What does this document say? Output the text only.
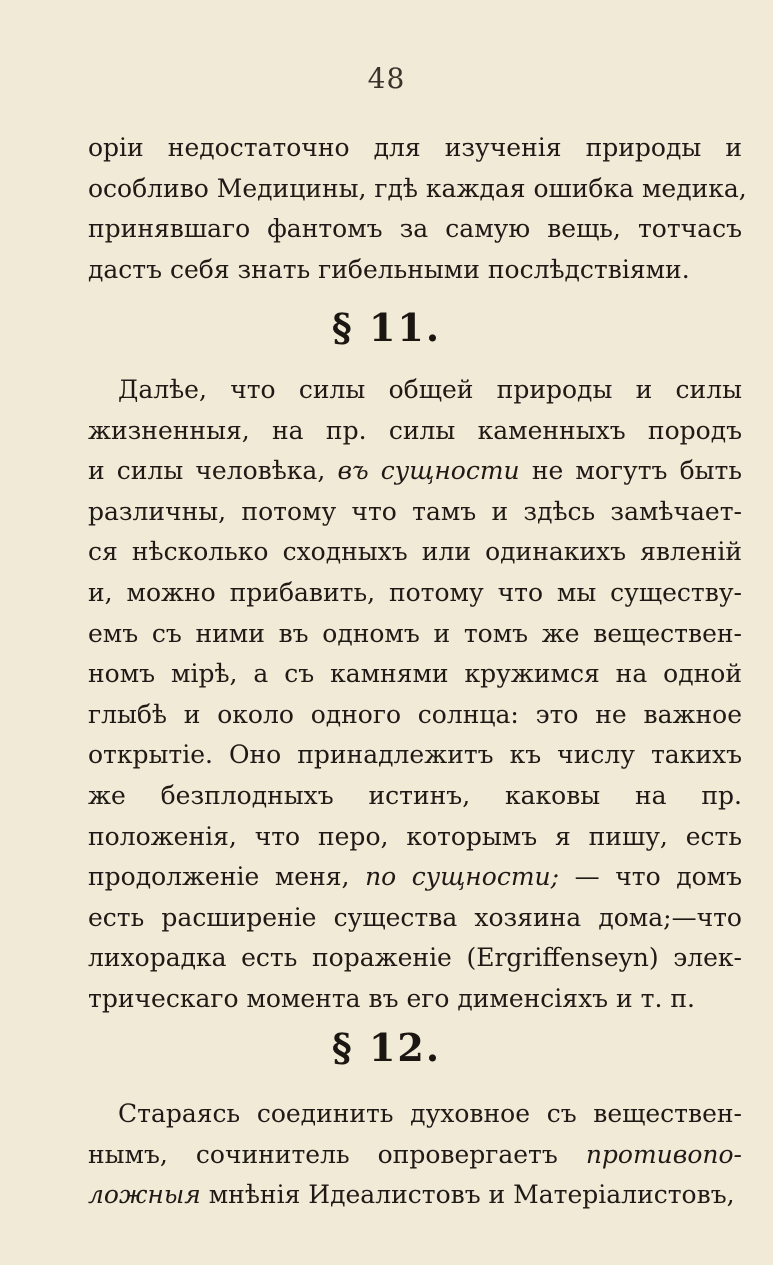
48
орiи недостаточно для изученiя природы и
особливо Медицины, гдѣ каждая ошибка медика,
принявшаго фантомъ за самую вещь, тотчасъ
дастъ себя знать гибельными послѣдствiями.
§ 11.
Далѣе, что силы общей природы и силы
жизненныя, на пр. силы каменныхъ породъ
и силы человѣка, въ сущности не могутъ быть
различны, потому что тамъ и здѣсь замѣчает-
ся нѣсколько сходныхъ или одинакихъ явленiй
и, можно прибавить, потому что мы существу-
емъ съ ними въ одномъ и томъ же веществен-
номъ мiрѣ, а съ камнями кружимся на одной
глыбѣ и около одного солнца: это не важное
открытiе. Оно принадлежитъ къ числу такихъ
же безплодныхъ истинъ, каковы на пр.
положенiя, что перо, которымъ я пишу, есть
продолженiе меня, по сущности; — что домъ
есть расширенiе существа хозяина дома;—что
лихорадка есть пораженiе (Ergriffenseyn) элек-
трическаго момента въ его дименсiяхъ и т. п.
§ 12.
Стараясь соединить духовное съ веществен-
нымъ, сочинитель опровергаетъ противопо-
ложныя мнѣнiя Идеалистовъ и Матерiалистовъ,
